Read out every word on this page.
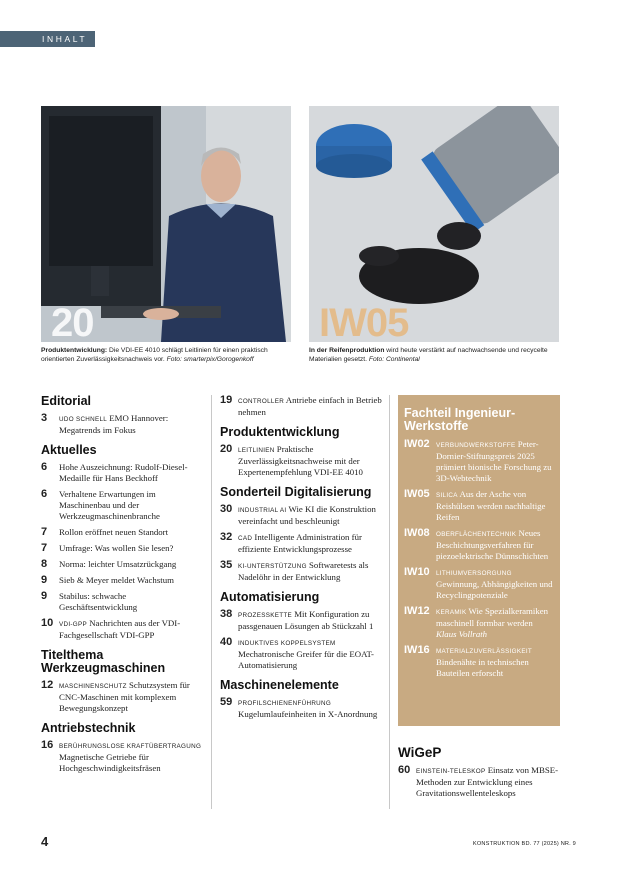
INHALT
20	IW05
Produktentwicklung: Die VDI-EE 4010 schlägt Leitlinien für einen praktisch orientierten Zuverlässigkeitsnachweis vor. Foto: smarterpix/Gorogenkoff
In der Reifenproduktion wird heute verstärkt auf nachwachsende und recycelte Materialien gesetzt. Foto: Continental
Editorial
3	UDO SCHNELL EMO Hannover: Megatrends im Fokus
Aktuelles
6	Hohe Auszeichnung: Rudolf-Diesel-Medaille für Hans Beckhoff
6	Verhaltene Erwartungen im Maschinenbau und der Werkzeugmaschinenbranche
7	Rollon eröffnet neuen Standort
7	Umfrage: Was wollen Sie lesen?
8	Norma: leichter Umsatzrückgang
9	Sieb & Meyer meldet Wachstum
9	Stabilus: schwache Geschäftsentwicklung
10 VDI-GPP Nachrichten aus der VDI-Fachgesellschaft VDI-GPP
Titelthema Werkzeugmaschinen
12 MASCHINENSCHUTZ Schutzsystem für CNC-Maschinen mit komplexem Bewegungskonzept
Antriebstechnik
16 BERÜHRUNGSLOSE KRAFTÜBERTRAGUNG Magnetische Getriebe für Hochgeschwindigkeitsfräsen
19 CONTROLLER Antriebe einfach in Betrieb nehmen
Produktentwicklung
20 LEITLINIEN Praktische Zuverlässigkeitsnachweise mit der Expertenempfehlung VDI-EE 4010
Sonderteil Digitalisierung
30 INDUSTRIAL AI Wie KI die Konstruktion vereinfacht und beschleunigt
32 CAD Intelligente Administration für effiziente Entwicklungsprozesse
35 KI-UNTERSTÜTZUNG Softwaretests als Nadelöhr in der Entwicklung
Automatisierung
38 PROZESSKETTE Mit Konfiguration zu passgenauen Lösungen ab Stückzahl 1
40 INDUKTIVES KOPPELSYSTEM Mechatronische Greifer für die EOAT-Automatisierung
Maschinenelemente
59 PROFILSCHIENENFÜHRUNG Kugelumlaufeinheiten in X-Anordnung
Fachteil Ingenieur-Werkstoffe
IW02	VERBUNDWERKSTOFFE Peter-Dornier-Stiftungspreis 2025 prämiert bionische Forschung zu 3D-Webtechnik
IW05	SILICA Aus der Asche von Reishülsen werden nachhaltige Reifen
IW08	OBERFLÄCHENTECHNIK Neues Beschichtungsverfahren für piezoelektrische Dünnschichten
IW10	LITHIUMVERSORGUNG Gewinnung, Abhängigkeiten und Recyclingpotenziale
IW12	KERAMIK Wie Spezialkeramiken maschinell formbar werden
Klaus Vollrath
IW16	MATERIALZUVERLÄSSIGKEIT Bindenähte in technischen Bauteilen erforscht
WiGeP
60 EINSTEIN-TELESKOP Einsatz von MBSE-Methoden zur Entwicklung eines Gravitationswellenteleskops
4	KONSTRUKTION BD. 77 (2025) NR. 9
